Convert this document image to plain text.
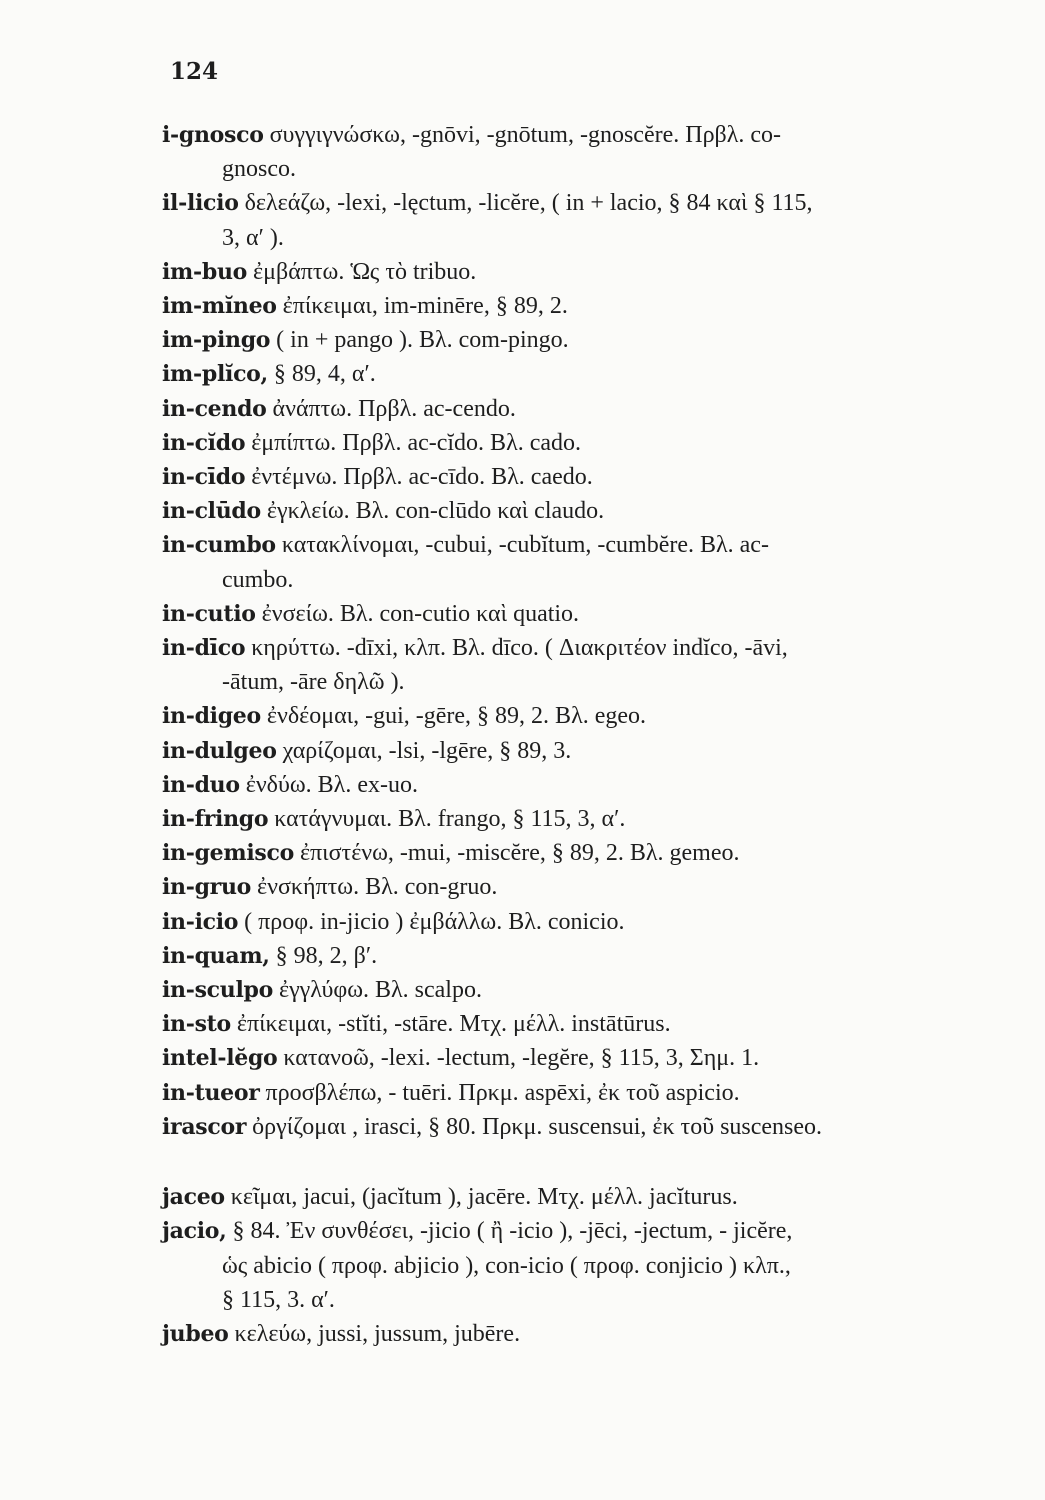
124
i-gnosco συγγιγνώσκω, -gnōvi, -gnōtum, -gnoscĕre. Πρβλ. co-
gnosco.
il-licio δελεάζω, -lexi, -lęctum, -licĕre, ( in + lacio, § 84 καὶ § 115,
3, α′ ).
im-buo ἐμβάπτω. Ὡς τὸ tribuo.
im-mĭneo ἐπίκειμαι, im-minēre, § 89, 2.
im-pingo ( in + pango ). Βλ. com-pingo.
im-plĭco, § 89, 4, α′.
in-cendo ἀνάπτω. Πρβλ. ac-cendo.
in-cĭdo ἐμπίπτω. Πρβλ. ac-cĭdo. Βλ. cado.
in-cīdo ἐντέμνω. Πρβλ. ac-cīdo. Βλ. caedo.
in-clūdo ἐγκλείω. Βλ. con-clūdo καὶ claudo.
in-cumbo κατακλίνομαι, -cubui, -cubĭtum, -cumbĕre. Βλ. ac-
cumbo.
in-cutio ἐνσείω. Βλ. con-cutio καὶ quatio.
in-dīco κηρύττω. -dīxi, κλπ. Βλ. dīco. ( Διακριτέον indĭco, -āvi,
-ātum, -āre δηλῶ ).
in-digeo ἐνδέομαι, -gui, -gēre, § 89, 2. Βλ. egeo.
in-dulgeo χαρίζομαι, -lsi, -lgēre, § 89, 3.
in-duo ἐνδύω. Βλ. ex-uo.
in-fringo κατάγνυμαι. Βλ. frango, § 115, 3, α′.
in-gemisco ἐπιστένω, -mui, -miscĕre, § 89, 2. Βλ. gemeo.
in-gruo ἐνσκήπτω. Βλ. con-gruo.
in-icio ( προφ. in-jicio ) ἐμβάλλω. Βλ. conicio.
in-quam, § 98, 2, β′.
in-sculpo ἐγγλύφω. Βλ. scalpo.
in-sto ἐπίκειμαι, -stĭti, -stāre. Μτχ. μέλλ. instātūrus.
intel-lĕgo κατανοῶ, -lexi. -lectum, -legĕre, § 115, 3, Σημ. 1.
in-tueor προσβλέπω, - tuēri. Πρκμ. aspēxi, ἐκ τοῦ aspicio.
irascor ὀργίζομαι , irasci, § 80. Πρκμ. suscensui, ἐκ τοῦ suscenseo.
jaceo κεῖμαι, jacui, (jacĭtum ), jacēre. Μτχ. μέλλ. jacĭturus.
jacio, § 84. Ἐν συνθέσει, -jicio ( ἢ -icio ), -jēci, -jectum, - jicĕre,
ὡς abicio ( προφ. abjicio ), con-icio ( προφ. conjicio ) κλπ.,
§ 115, 3. α′.
jubeo κελεύω, jussi, jussum, jubēre.
